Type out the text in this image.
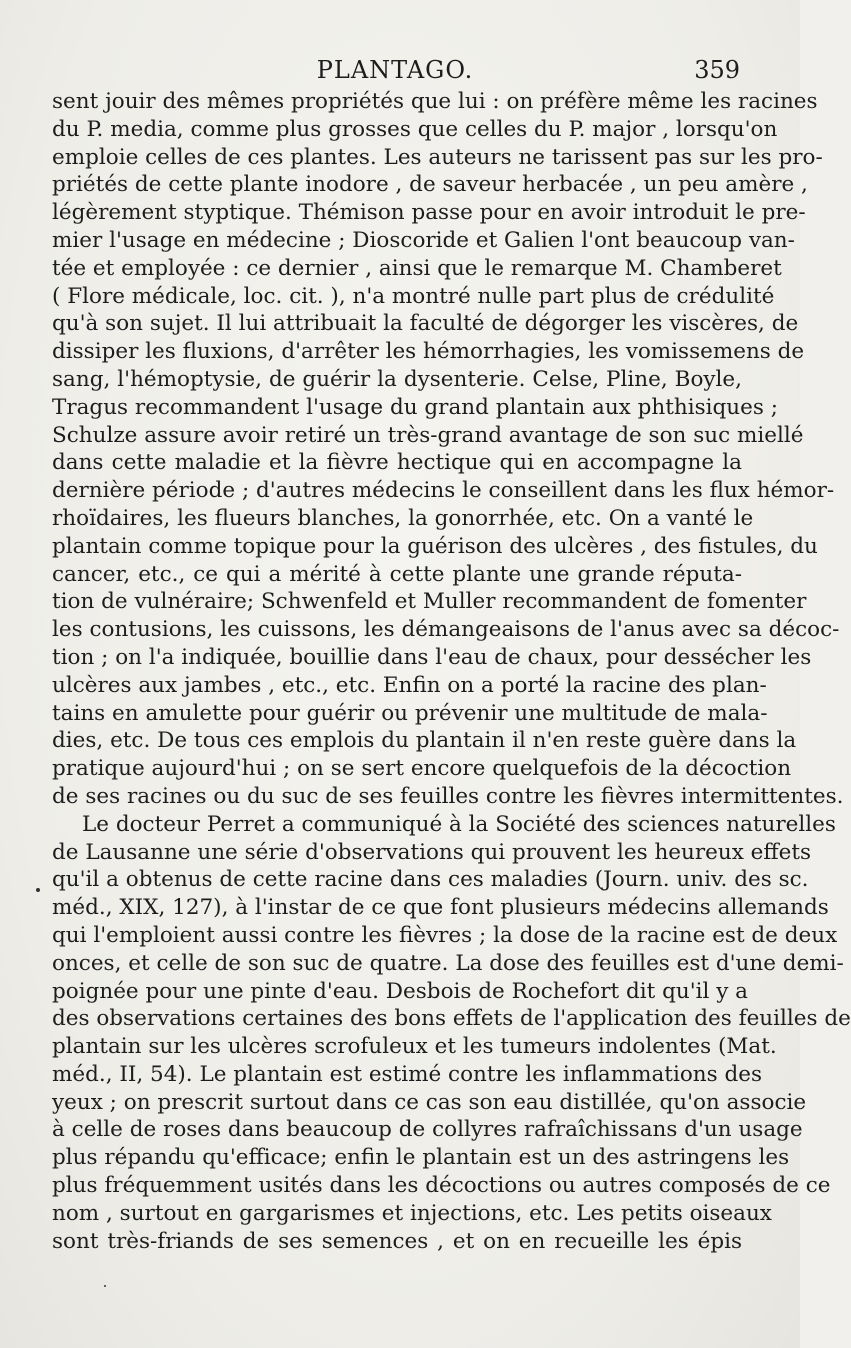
PLANTAGO.	359
sent jouir des mêmes propriétés que lui : on préfère même les racines
du P. media, comme plus grosses que celles du P. major , lorsqu'on
emploie celles de ces plantes. Les auteurs ne tarissent pas sur les pro-
priétés de cette plante inodore , de saveur herbacée , un peu amère ,
légèrement styptique. Thémison passe pour en avoir introduit le pre-
mier l'usage en médecine ; Dioscoride et Galien l'ont beaucoup van-
tée et employée : ce dernier , ainsi que le remarque M. Chamberet
( Flore médicale, loc. cit. ), n'a montré nulle part plus de crédulité
qu'à son sujet. Il lui attribuait la faculté de dégorger les viscères, de
dissiper les fluxions, d'arrêter les hémorrhagies, les vomissemens de
sang, l'hémoptysie, de guérir la dysenterie. Celse, Pline, Boyle,
Tragus recommandent l'usage du grand plantain aux phthisiques ;
Schulze assure avoir retiré un très-grand avantage de son suc miellé
dans cette maladie et la fièvre hectique qui en accompagne la
dernière période ; d'autres médecins le conseillent dans les flux hémor-
rhoïdaires, les flueurs blanches, la gonorrhée, etc. On a vanté le
plantain comme topique pour la guérison des ulcères , des fistules, du
cancer, etc., ce qui a mérité à cette plante une grande réputa-
tion de vulnéraire; Schwenfeld et Muller recommandent de fomenter
les contusions, les cuissons, les démangeaisons de l'anus avec sa décoc-
tion ; on l'a indiquée, bouillie dans l'eau de chaux, pour dessécher les
ulcères aux jambes , etc., etc. Enfin on a porté la racine des plan-
tains en amulette pour guérir ou prévenir une multitude de mala-
dies, etc. De tous ces emplois du plantain il n'en reste guère dans la
pratique aujourd'hui ; on se sert encore quelquefois de la décoction
de ses racines ou du suc de ses feuilles contre les fièvres intermittentes.
Le docteur Perret a communiqué à la Société des sciences naturelles
de Lausanne une série d'observations qui prouvent les heureux effets
qu'il a obtenus de cette racine dans ces maladies (Journ. univ. des sc.
méd., XIX, 127), à l'instar de ce que font plusieurs médecins allemands
qui l'emploient aussi contre les fièvres ; la dose de la racine est de deux
onces, et celle de son suc de quatre. La dose des feuilles est d'une demi-
poignée pour une pinte d'eau. Desbois de Rochefort dit qu'il y a
des observations certaines des bons effets de l'application des feuilles de
plantain sur les ulcères scrofuleux et les tumeurs indolentes (Mat.
méd., II, 54). Le plantain est estimé contre les inflammations des
yeux ; on prescrit surtout dans ce cas son eau distillée, qu'on associe
à celle de roses dans beaucoup de collyres rafraîchissans d'un usage
plus répandu qu'efficace; enfin le plantain est un des astringens les
plus fréquemment usités dans les décoctions ou autres composés de ce
nom , surtout en gargarismes et injections, etc. Les petits oiseaux
sont très-friands de ses semences , et on en recueille les épis
